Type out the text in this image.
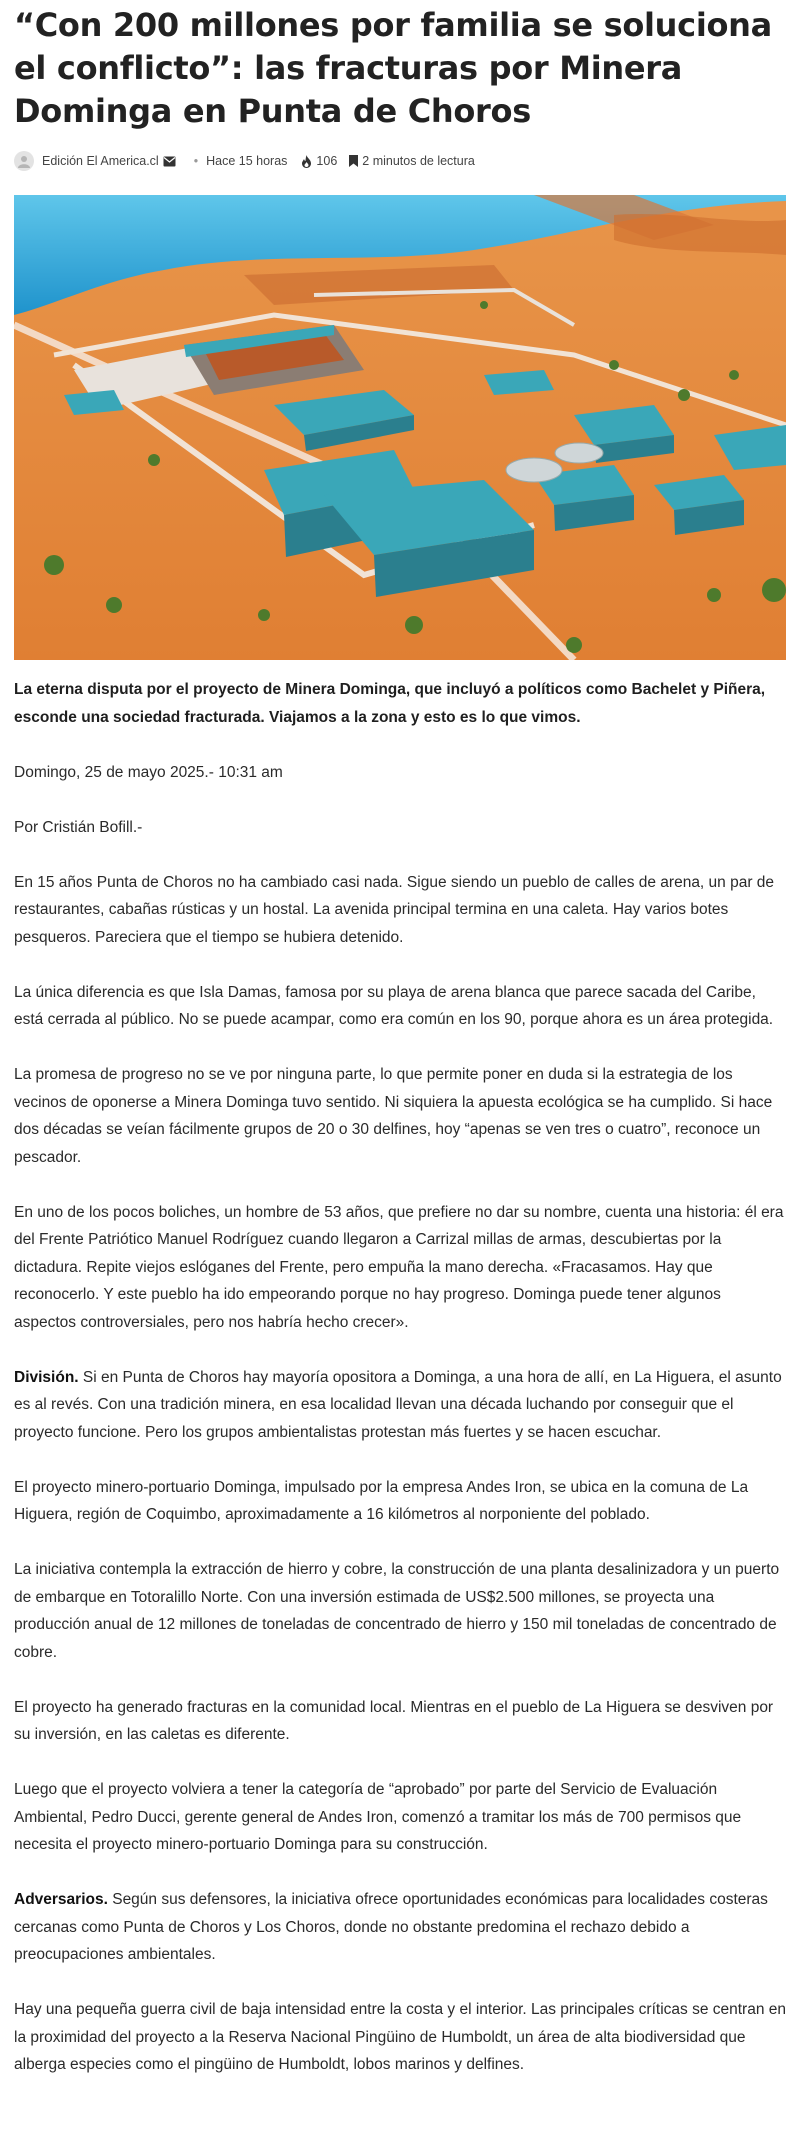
“Con 200 millones por familia se soluciona el conflicto”: las fracturas por Minera Dominga en Punta de Choros
Edición El America.cl	• Hace 15 horas 106 2 minutos de lectura

La eterna disputa por el proyecto de Minera Dominga, que incluyó a políticos como Bachelet y Piñera, esconde una sociedad fracturada. Viajamos a la zona y esto es lo que vimos.

Domingo, 25 de mayo 2025.- 10:31 am

Por Cristián Bofill.-

En 15 años Punta de Choros no ha cambiado casi nada. Sigue siendo un pueblo de calles de arena, un par de restaurantes, cabañas rústicas y un hostal. La avenida principal termina en una caleta. Hay varios botes pesqueros. Pareciera que el tiempo se hubiera detenido.

La única diferencia es que Isla Damas, famosa por su playa de arena blanca que parece sacada del Caribe, está cerrada al público. No se puede acampar, como era común en los 90, porque ahora es un área protegida.

La promesa de progreso no se ve por ninguna parte, lo que permite poner en duda si la estrategia de los vecinos de oponerse a Minera Dominga tuvo sentido. Ni siquiera la apuesta ecológica se ha cumplido. Si hace dos décadas se veían fácilmente grupos de 20 o 30 delfines, hoy “apenas se ven tres o cuatro”, reconoce un pescador.

En uno de los pocos boliches, un hombre de 53 años, que prefiere no dar su nombre, cuenta una historia: él era del Frente Patriótico Manuel Rodríguez cuando llegaron a Carrizal millas de armas, descubiertas por la dictadura. Repite viejos eslóganes del Frente, pero empuña la mano derecha. «Fracasamos. Hay que reconocerlo. Y este pueblo ha ido empeorando porque no hay progreso. Dominga puede tener algunos aspectos controversiales, pero nos habría hecho crecer».

División. Si en Punta de Choros hay mayoría opositora a Dominga, a una hora de allí, en La Higuera, el asunto es al revés. Con una tradición minera, en esa localidad llevan una década luchando por conseguir que el proyecto funcione. Pero los grupos ambientalistas protestan más fuertes y se hacen escuchar.

El proyecto minero-portuario Dominga, impulsado por la empresa Andes Iron, se ubica en la comuna de La Higuera, región de Coquimbo, aproximadamente a 16 kilómetros al norponiente del poblado.

La iniciativa contempla la extracción de hierro y cobre, la construcción de una planta desalinizadora y un puerto de embarque en Totoralillo Norte. Con una inversión estimada de US$2.500 millones, se proyecta una producción anual de 12 millones de toneladas de concentrado de hierro y 150 mil toneladas de concentrado de cobre.

El proyecto ha generado fracturas en la comunidad local. Mientras en el pueblo de La Higuera se desviven por su inversión, en las caletas es diferente.

Luego que el proyecto volviera a tener la categoría de “aprobado” por parte del Servicio de Evaluación Ambiental, Pedro Ducci, gerente general de Andes Iron, comenzó a tramitar los más de 700 permisos que necesita el proyecto minero-portuario Dominga para su construcción.

Adversarios. Según sus defensores, la iniciativa ofrece oportunidades económicas para localidades costeras cercanas como Punta de Choros y Los Choros, donde no obstante predomina el rechazo debido a preocupaciones ambientales.

Hay una pequeña guerra civil de baja intensidad entre la costa y el interior. Las principales críticas se centran en la proximidad del proyecto a la Reserva Nacional Pingüino de Humboldt, un área de alta biodiversidad que alberga especies como el pingüino de Humboldt, lobos marinos y delfines.
